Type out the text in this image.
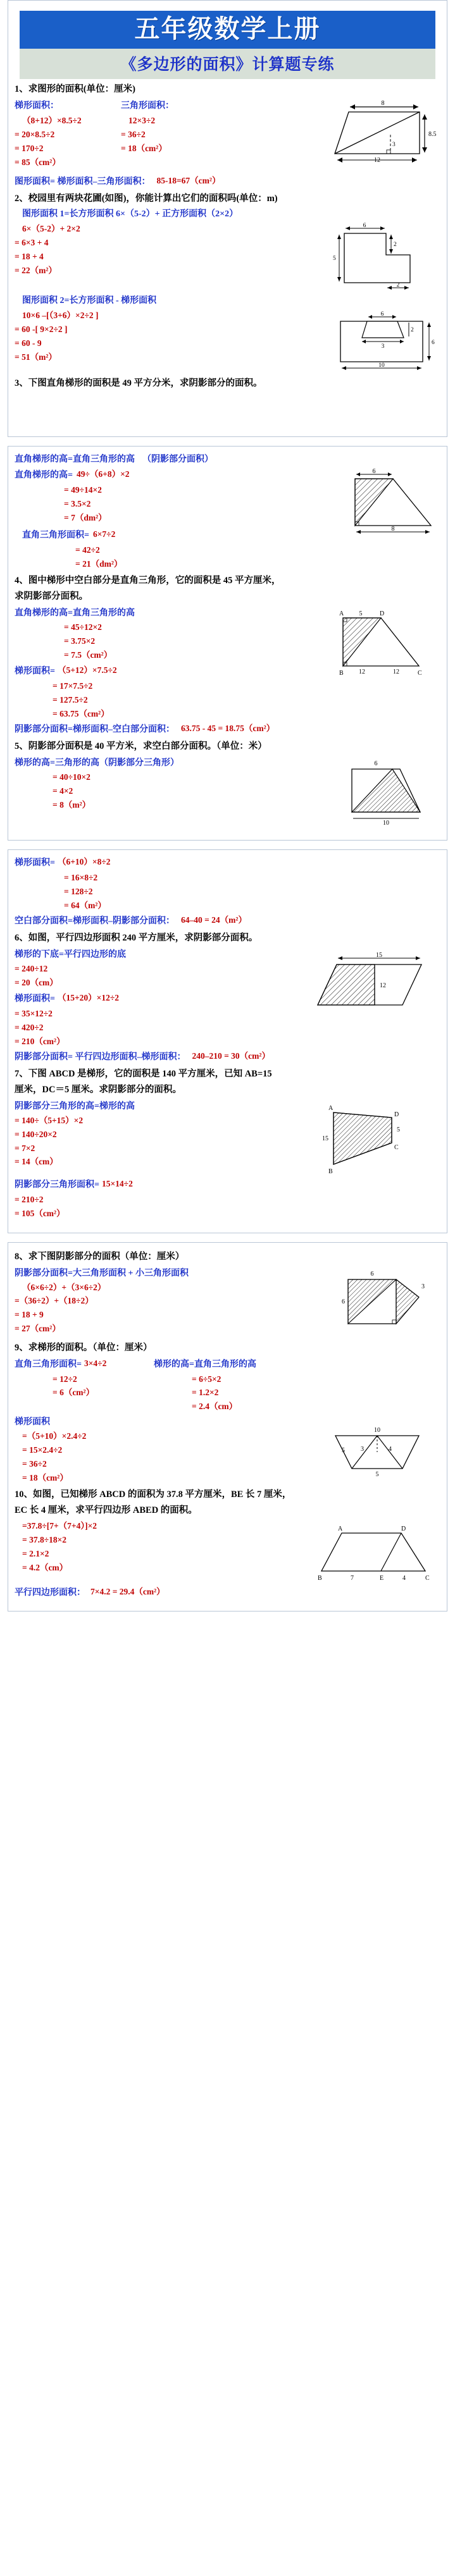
五年级数学上册
《多边形的面积》计算题专练
1、求图形的面积(单位：厘米)
梯形面积：	三角形面积：
（8+12）×8.5÷2
= 20×8.5÷2
= 170÷2
= 85（cm²）
12×3÷2
= 36÷2
= 18（cm²）
8
8.5
3
12
图形面积= 梯形面积–三角形面积： 85-18=67（cm²）
2、校园里有两块花圃(如图)，你能计算出它们的面积吗(单位：m)
图形面积 1=长方形面积 6×（5-2）+ 正方形面积（2×2）
6×（5-2）+ 2×2
= 6×3 + 4
= 18 + 4
= 22（m²）
6
2
5
2
图形面积 2=长方形面积 - 梯形面积
10×6 –[（3+6）×2÷2 ]
= 60 -[ 9×2÷2 ]
= 60 - 9
= 51（m²）
6
2
3
6
10
3、下图直角梯形的面积是 49 平方分米，求阴影部分的面积。
直角梯形的高=直角三角形的高 （阴影部分面积）
直角梯形的高= 49÷（6+8）×2
= 49÷14×2
= 3.5×2
= 7（dm²）
直角三角形面积= 6×7÷2
= 42÷2
= 21（dm²）
6
8
4、图中梯形中空白部分是直角三角形，它的面积是 45 平方厘米，
求阴影部分面积。
直角梯形的高=直角三角形的高
= 45÷12×2
= 3.75×2
= 7.5（cm²）
梯形面积= （5+12）×7.5÷2
= 17×7.5÷2
= 127.5÷2
= 63.75（cm²）
A	D
B	C
5
12	12
阴影部分面积=梯形面积–空白部分面积： 63.75 - 45 = 18.75（cm²）
5、阴影部分面积是 40 平方米，求空白部分面积。（单位：米）
梯形的高=三角形的高（阴影部分三角形）
= 40÷10×2
= 4×2
= 8（m²）
6
10
梯形面积= （6+10）×8÷2
= 16×8÷2
= 128÷2
= 64（m²）
空白部分面积=梯形面积–阴影部分面积： 64–40 = 24（m²）
6、如图，平行四边形面积 240 平方厘米，求阴影部分面积。
梯形的下底=平行四边形的底
= 240÷12
= 20（cm）
梯形面积= （15+20）×12÷2
= 35×12÷2
= 420÷2
= 210（cm²）
15
12
阴影部分面积= 平行四边形面积–梯形面积： 240–210 = 30（cm²）
7、下图 ABCD 是梯形，它的面积是 140 平方厘米，已知 AB=15
厘米，DC＝5 厘米。求阴影部分的面积。
阴影部分三角形的高=梯形的高
= 140÷（5+15）×2
= 140÷20×2
= 7×2
= 14（cm）
A
B
D
C
15
5
阴影部分三角形面积= 15×14÷2
= 210÷2
= 105（cm²）
8、求下图阴影部分的面积（单位：厘米）
阴影部分面积=大三角形面积 + 小三角形面积
（6×6÷2）+（3×6÷2）
=（36÷2）+（18÷2）
= 18 + 9
= 27（cm²）
6
6
3
9、求梯形的面积。（单位：厘米）
直角三角形面积= 3×4÷2	梯形的高=直角三角形的高
= 12÷2
= 6（cm²）
= 6÷5×2
= 1.2×2
= 2.4（cm）
梯形面积
=（5+10）×2.4÷2
= 15×2.4÷2
= 36÷2
= 18（cm²）
10
5
3	4
5
10、如图，已知梯形 ABCD 的面积为 37.8 平方厘米，BE 长 7 厘米，
EC 长 4 厘米，求平行四边形 ABED 的面积。
=37.8÷[7+（7+4）]×2
= 37.8÷18×2
= 2.1×2
= 4.2（cm）
A	D
B	E	C
7	4
平行四边形面积： 7×4.2 = 29.4（cm²）
